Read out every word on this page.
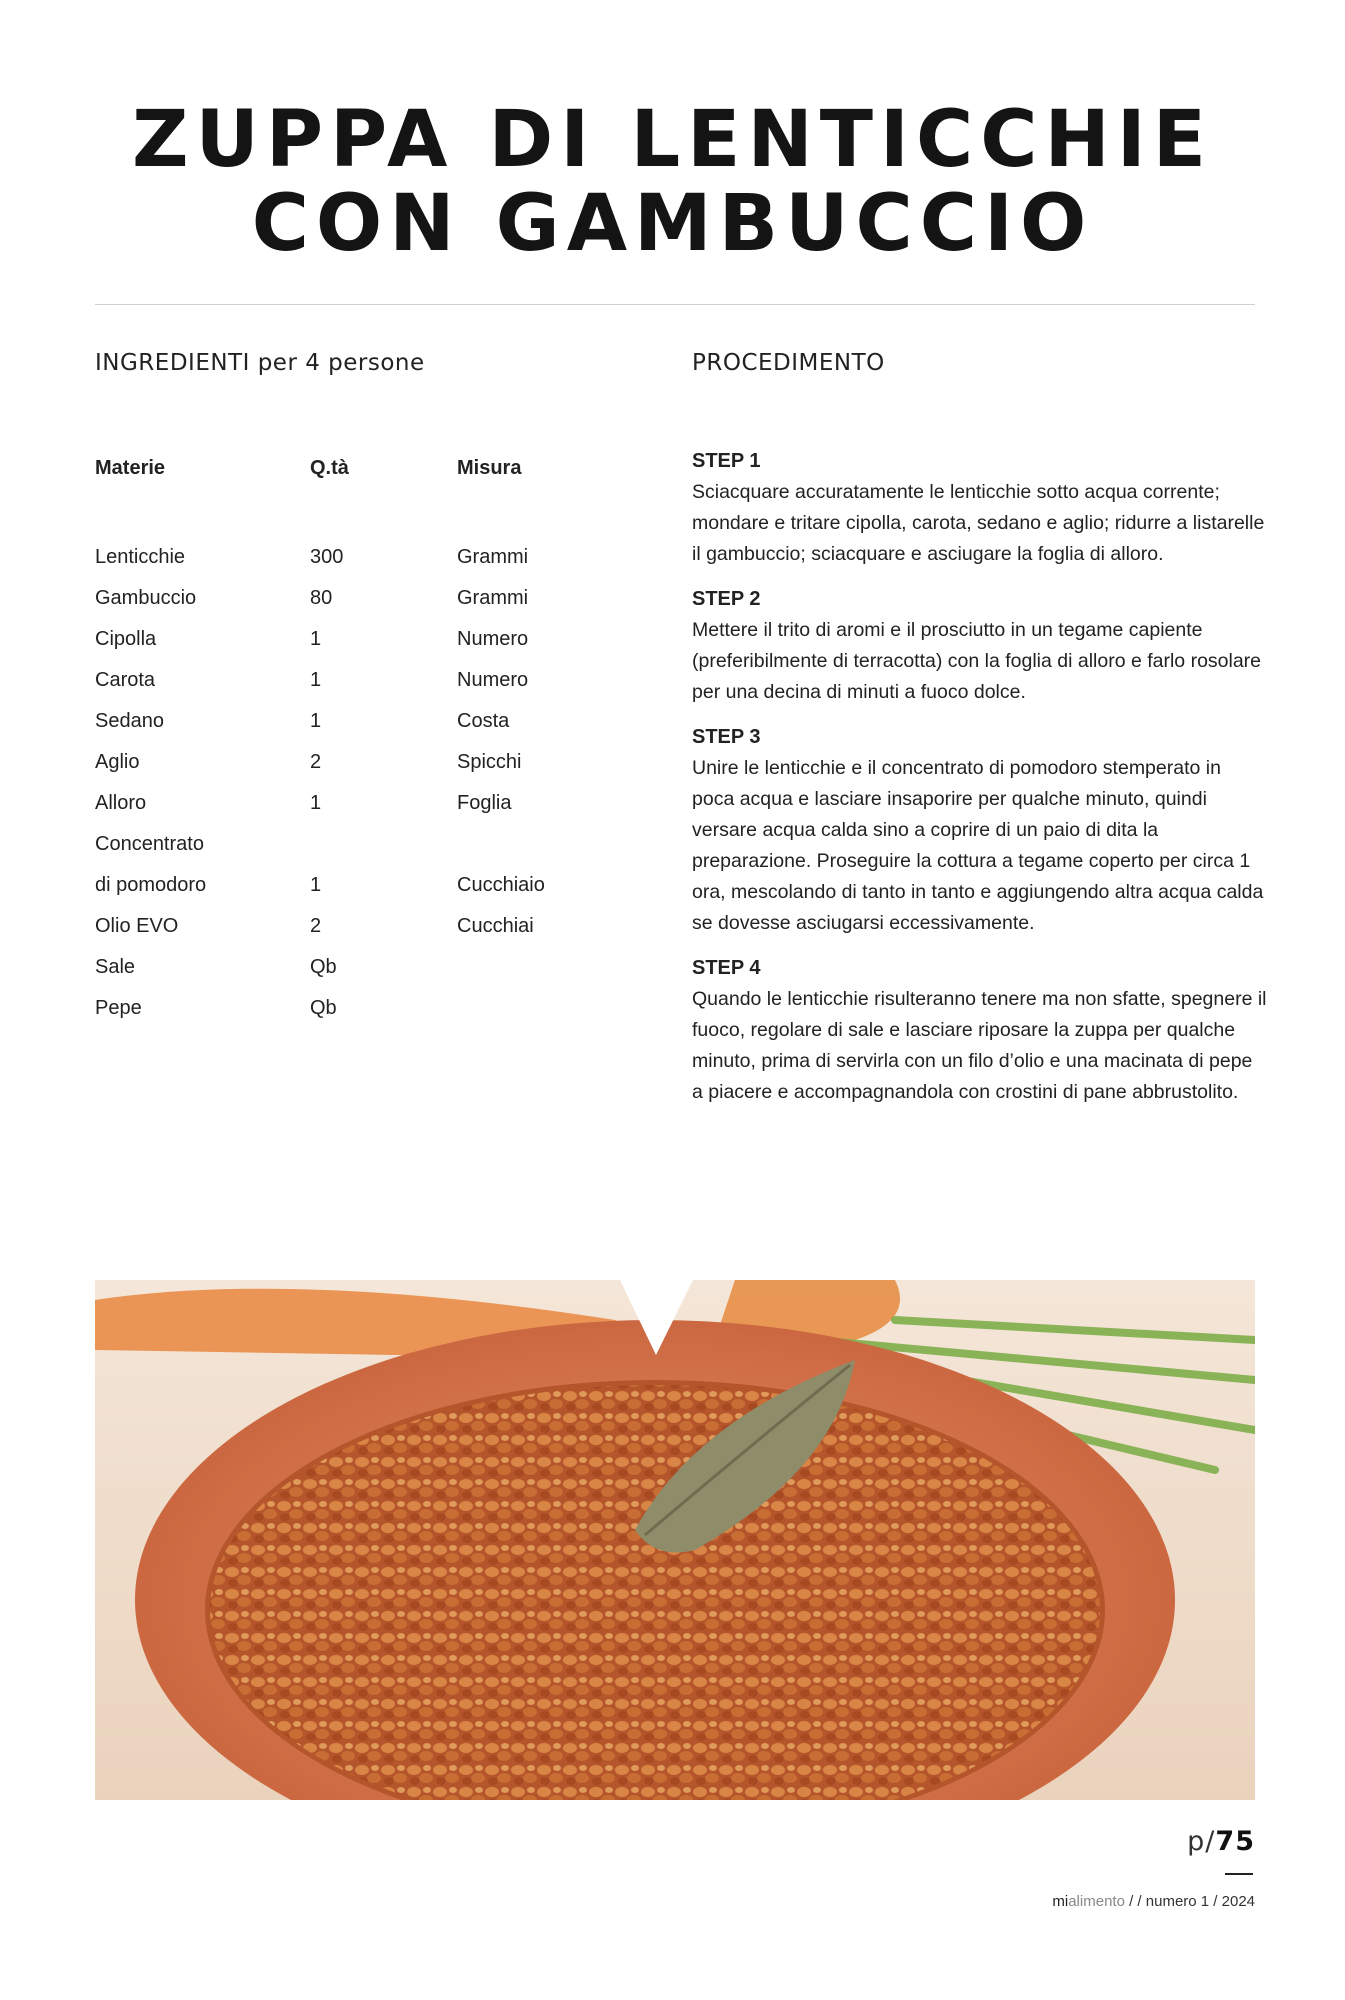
ZUPPA DI LENTICCHIE
CON GAMBUCCIO
INGREDIENTI per 4 persone	PROCEDIMENTO
Materie	Q.tà	Misura
Lenticchie	300	Grammi
Gambuccio	80	Grammi
Cipolla	1	Numero
Carota	1	Numero
Sedano	1	Costa
Aglio	2	Spicchi
Alloro	1	Foglia
Concentrato
di pomodoro	1	Cucchiaio
Olio EVO	2	Cucchiai
Sale	Qb
Pepe	Qb
STEP 1
Sciacquare accuratamente le lenticchie sotto acqua corrente; mondare e tritare cipolla, carota, sedano e aglio; ridurre a listarelle il gambuccio; sciacquare e asciugare la foglia di alloro.
STEP 2
Mettere il trito di aromi e il prosciutto in un tegame capiente (preferibilmente di terracotta) con la foglia di alloro e farlo rosolare per una decina di minuti a fuoco dolce.
STEP 3
Unire le lenticchie e il concentrato di pomodoro stemperato in poca acqua e lasciare insaporire per qualche minuto, quindi versare acqua calda sino a coprire di un paio di dita la preparazione. Proseguire la cottura a tegame coperto per circa 1 ora, mescolando di tanto in tanto e aggiungendo altra acqua calda se dovesse asciugarsi eccessivamente.
STEP 4
Quando le lenticchie risulteranno tenere ma non sfatte, spegnere il fuoco, regolare di sale e lasciare riposare la zuppa per qualche minuto, prima di servirla con un filo d’olio e una macinata di pepe a piacere e accompagnandola con crostini di pane abbrustolito.
p/75
mialimento / / numero 1 / 2024
